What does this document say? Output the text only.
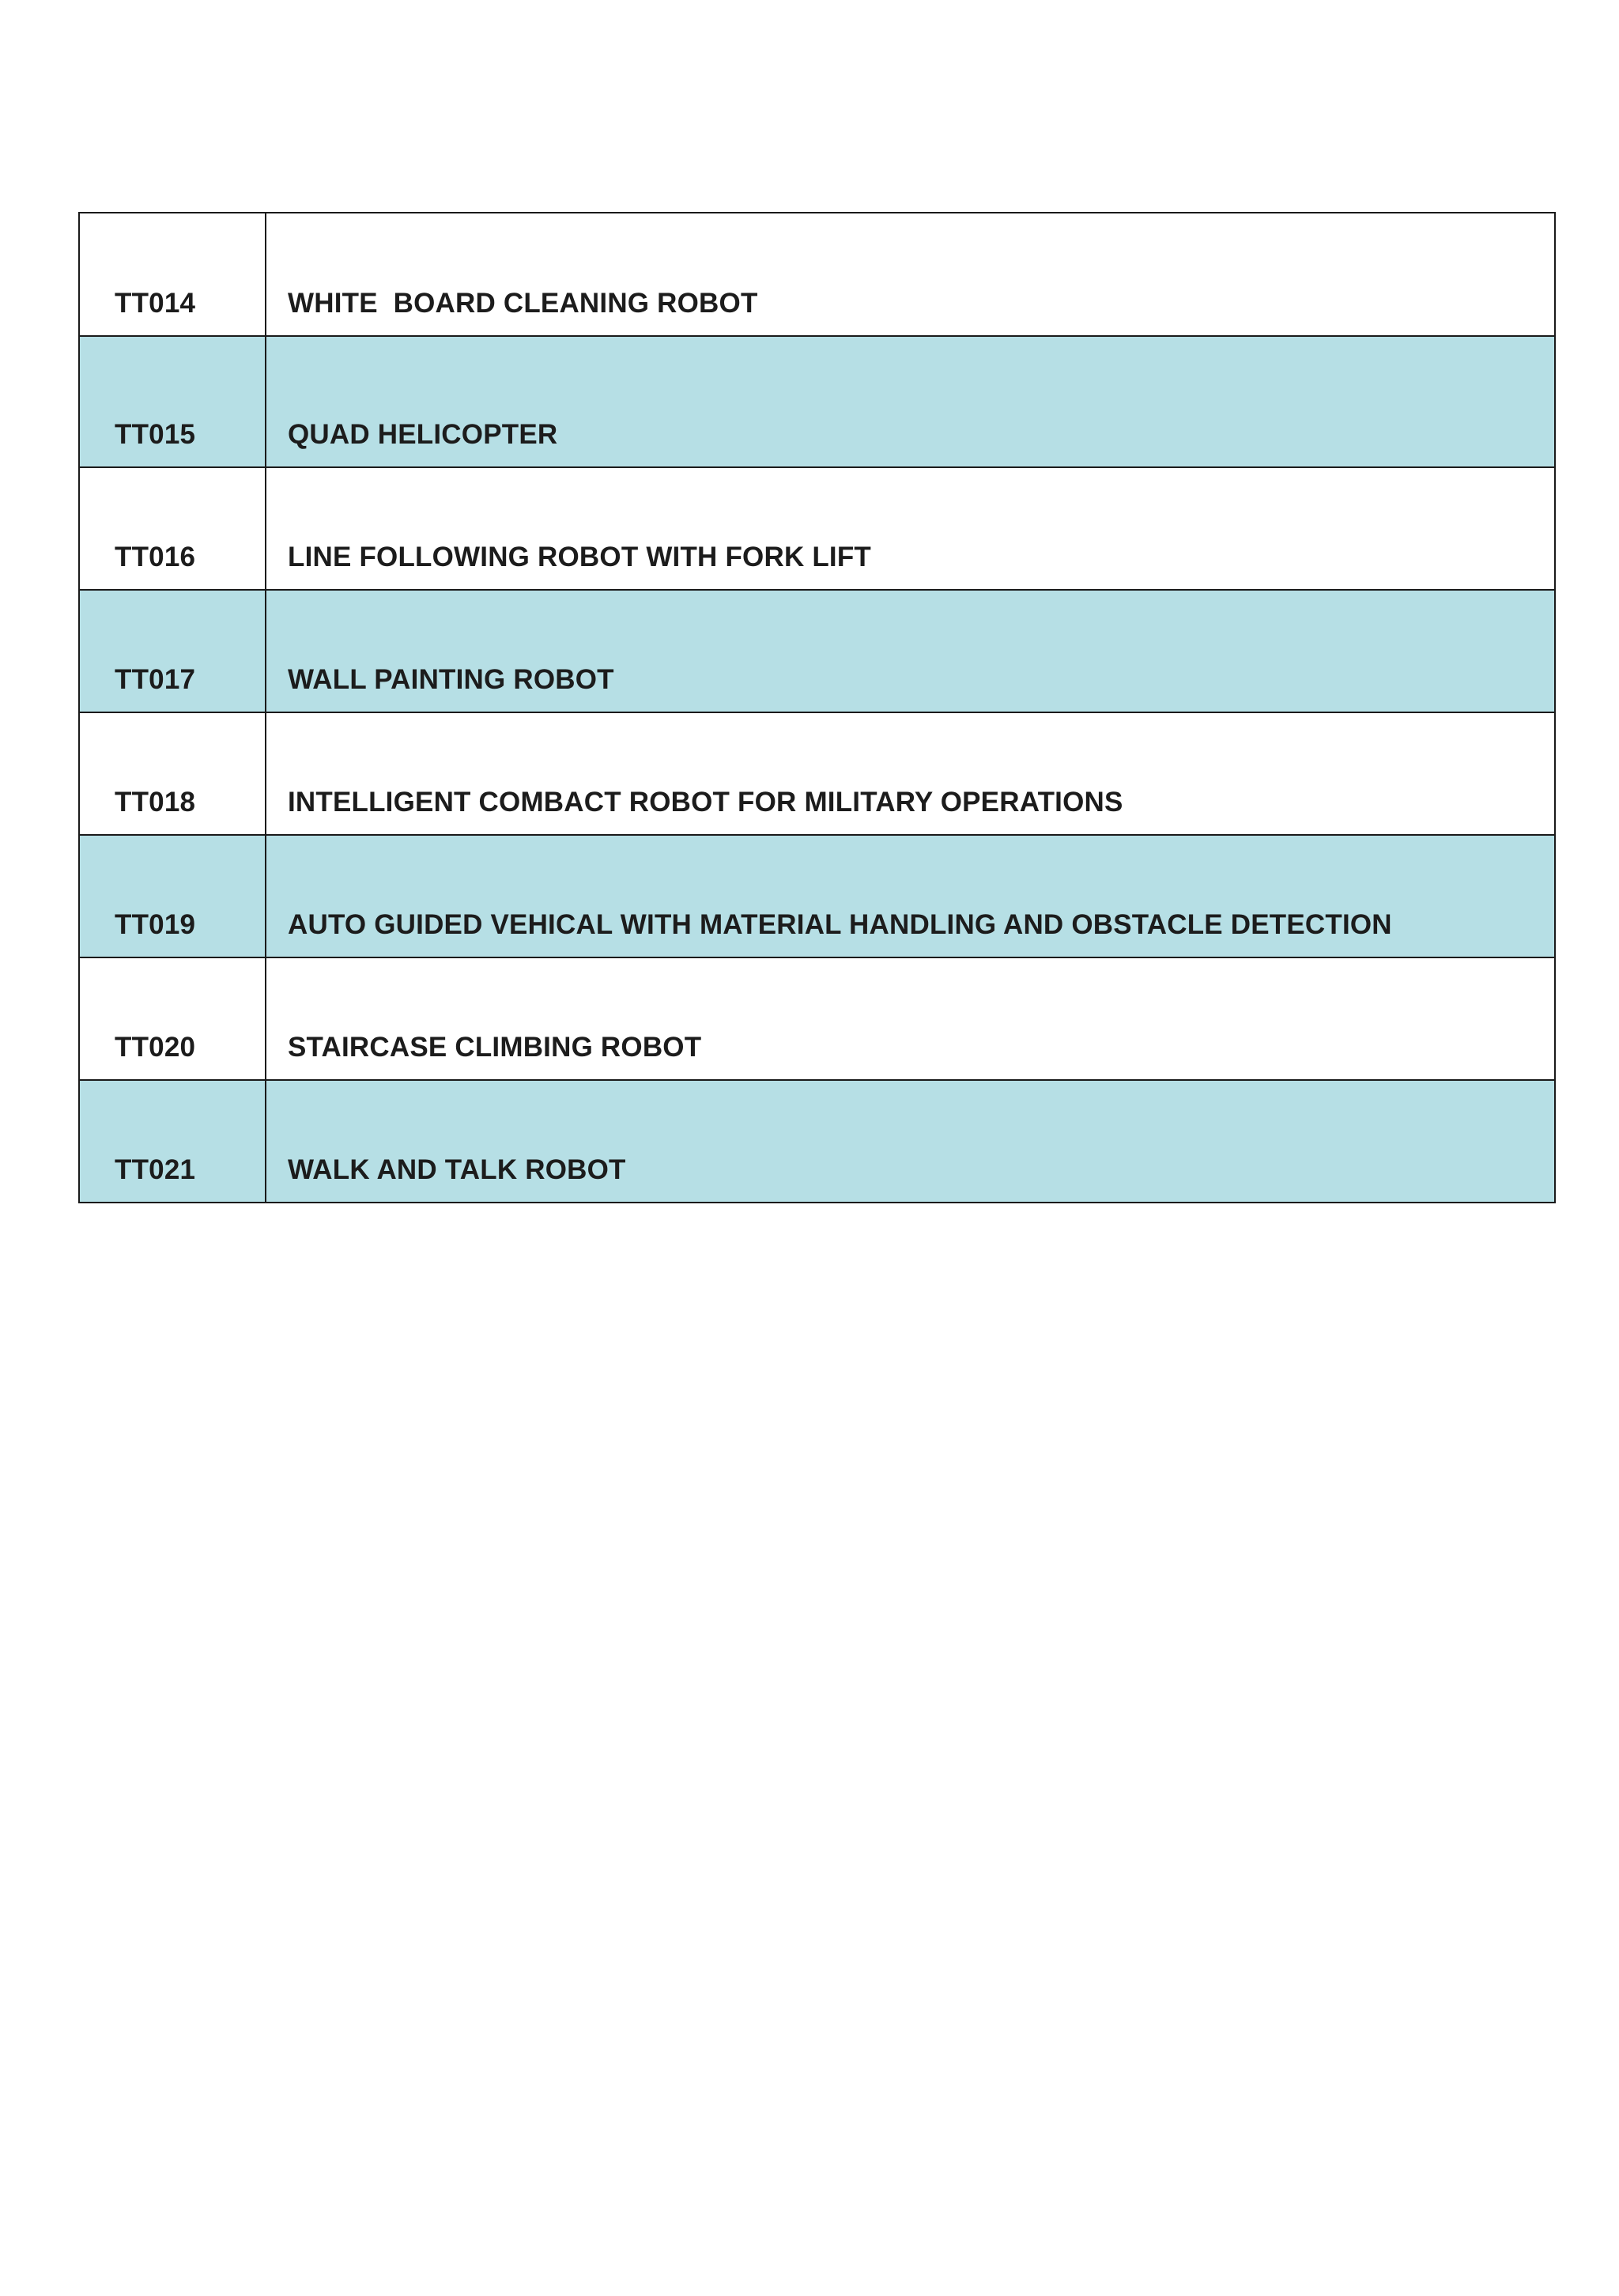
TT014	WHITE  BOARD CLEANING ROBOT
TT015	QUAD HELICOPTER
TT016	LINE FOLLOWING ROBOT WITH FORK LIFT
TT017	WALL PAINTING ROBOT
TT018	INTELLIGENT COMBACT ROBOT FOR MILITARY OPERATIONS
TT019	AUTO GUIDED VEHICAL WITH MATERIAL HANDLING AND OBSTACLE DETECTION
TT020	STAIRCASE CLIMBING ROBOT
TT021	WALK AND TALK ROBOT
